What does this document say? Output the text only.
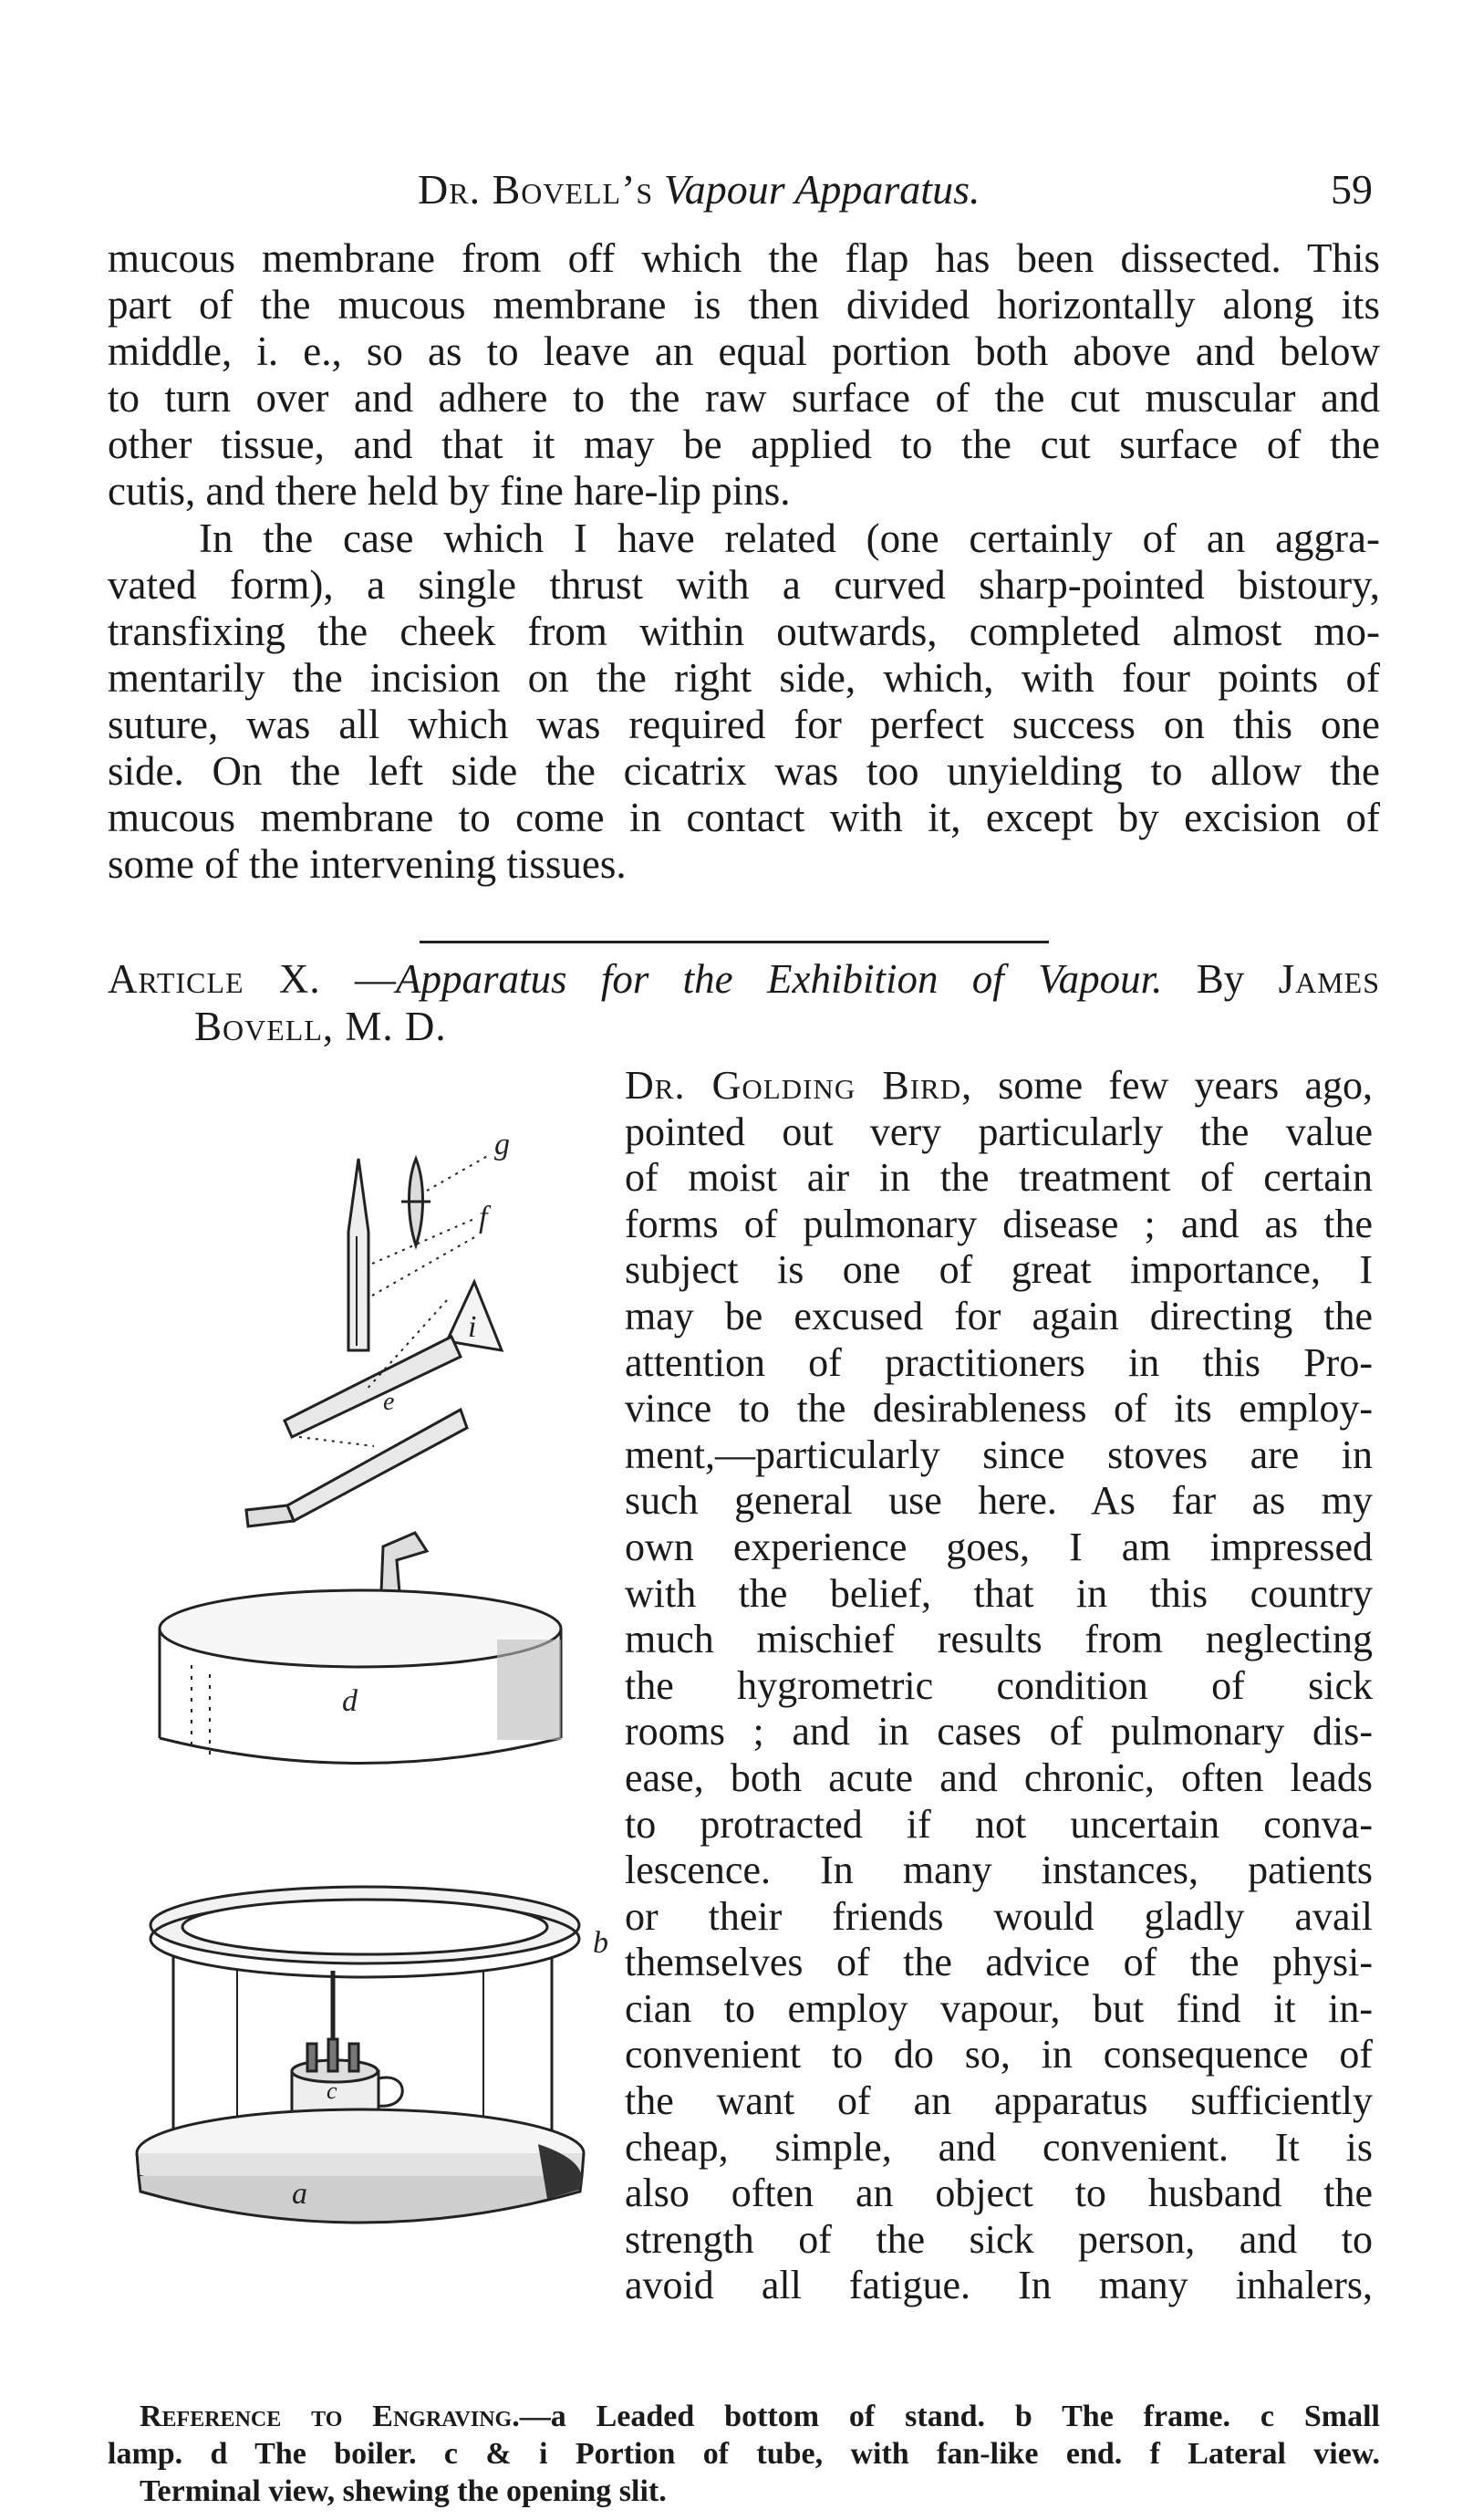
Dr. Bovell’s Vapour Apparatus.	59
mucous membrane from off which the flap has been dissected. This
part of the mucous membrane is then divided horizontally along its
middle, i. e., so as to leave an equal portion both above and below
to turn over and adhere to the raw surface of the cut muscular and
other tissue, and that it may be applied to the cut surface of the
cutis, and there held by fine hare-lip pins.
In the case which I have related (one certainly of an aggra-
vated form), a single thrust with a curved sharp-pointed bistoury,
transfixing the cheek from within outwards, completed almost mo-
mentarily the incision on the right side, which, with four points of
suture, was all which was required for perfect success on this one
side. On the left side the cicatrix was too unyielding to allow the
mucous membrane to come in contact with it, except by excision of
some of the intervening tissues.
Article X. —Apparatus for the Exhibition of Vapour. By James
Bovell, M. D.
g
f
i
e
d
Dr. Golding Bird, some few years ago,
pointed out very particularly the value
of moist air in the treatment of certain
forms of pulmonary disease ; and as the
subject is one of great importance, I
may be excused for again directing the
attention of practitioners in this Pro-
vince to the desirableness of its employ-
ment,—particularly since stoves are in
such general use here. As far as my
own experience goes, I am impressed
with the belief, that in this country
much mischief results from neglecting
the hygrometric condition of sick
rooms ; and in cases of pulmonary dis-
ease, both acute and chronic, often leads
to protracted if not uncertain conva-
lescence. In many instances, patients
or their friends would gladly avail
themselves of the advice of the physi-
cian to employ vapour, but find it in-
convenient to do so, in consequence of
the want of an apparatus sufficiently
cheap, simple, and convenient. It is
also often an object to husband the
strength of the sick person, and to
avoid all fatigue. In many inhalers,
b
c
a
Reference to Engraving.—a Leaded bottom of stand. b The frame. c Small
lamp. d The boiler. c & i Portion of tube, with fan-like end. f Lateral view.
Terminal view, shewing the opening slit.
